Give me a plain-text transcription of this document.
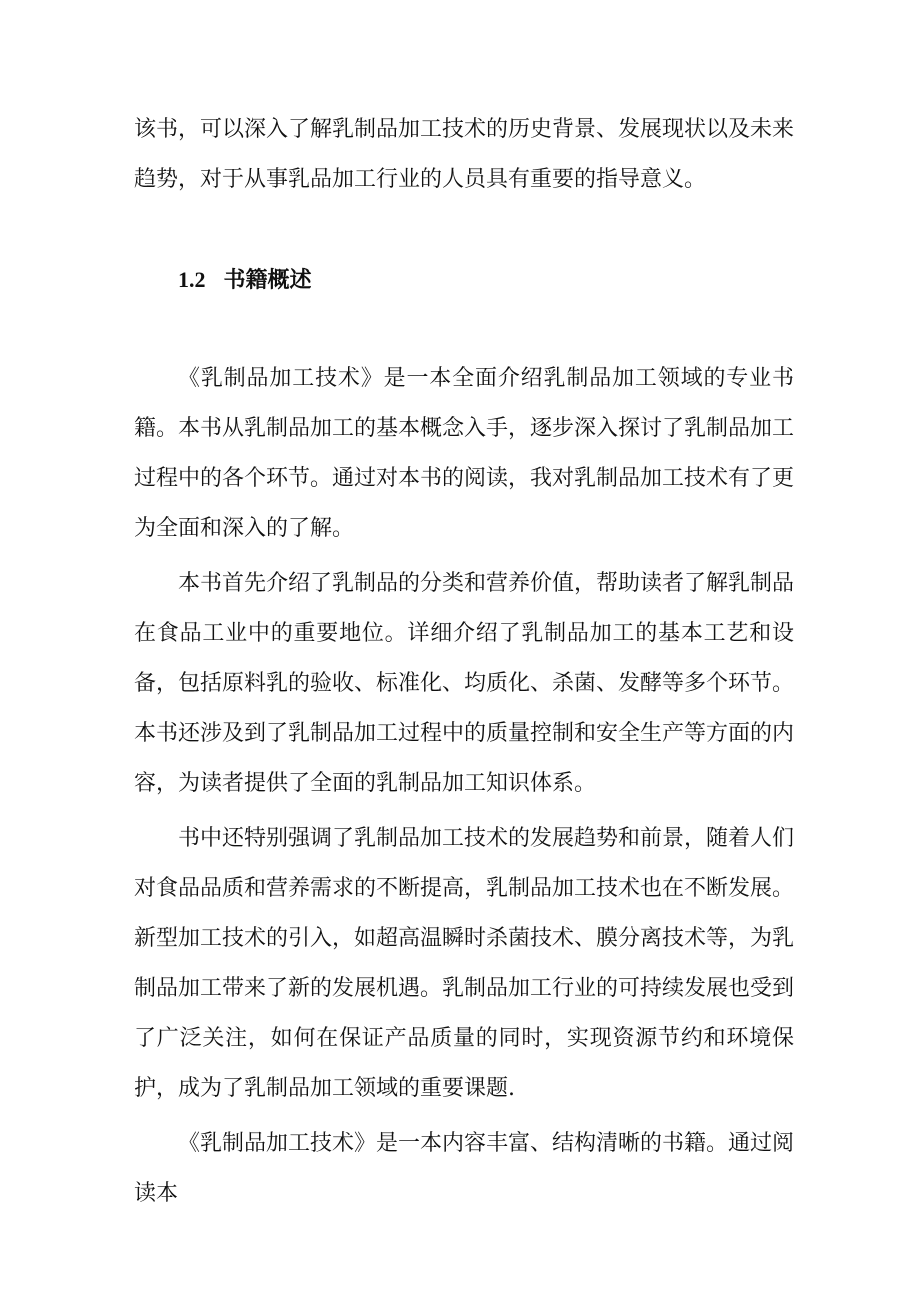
该书，可以深入了解乳制品加工技术的历史背景、发展现状以及未来趋势，对于从事乳品加工行业的人员具有重要的指导意义。

1.2 书籍概述

《乳制品加工技术》是一本全面介绍乳制品加工领域的专业书籍。本书从乳制品加工的基本概念入手，逐步深入探讨了乳制品加工过程中的各个环节。通过对本书的阅读，我对乳制品加工技术有了更为全面和深入的了解。

本书首先介绍了乳制品的分类和营养价值，帮助读者了解乳制品在食品工业中的重要地位。详细介绍了乳制品加工的基本工艺和设备，包括原料乳的验收、标准化、均质化、杀菌、发酵等多个环节。本书还涉及到了乳制品加工过程中的质量控制和安全生产等方面的内容，为读者提供了全面的乳制品加工知识体系。

书中还特别强调了乳制品加工技术的发展趋势和前景，随着人们对食品品质和营养需求的不断提高，乳制品加工技术也在不断发展。新型加工技术的引入，如超高温瞬时杀菌技术、膜分离技术等，为乳制品加工带来了新的发展机遇。乳制品加工行业的可持续发展也受到了广泛关注，如何在保证产品质量的同时，实现资源节约和环境保护，成为了乳制品加工领域的重要课题.

《乳制品加工技术》是一本内容丰富、结构清晰的书籍。通过阅读本
